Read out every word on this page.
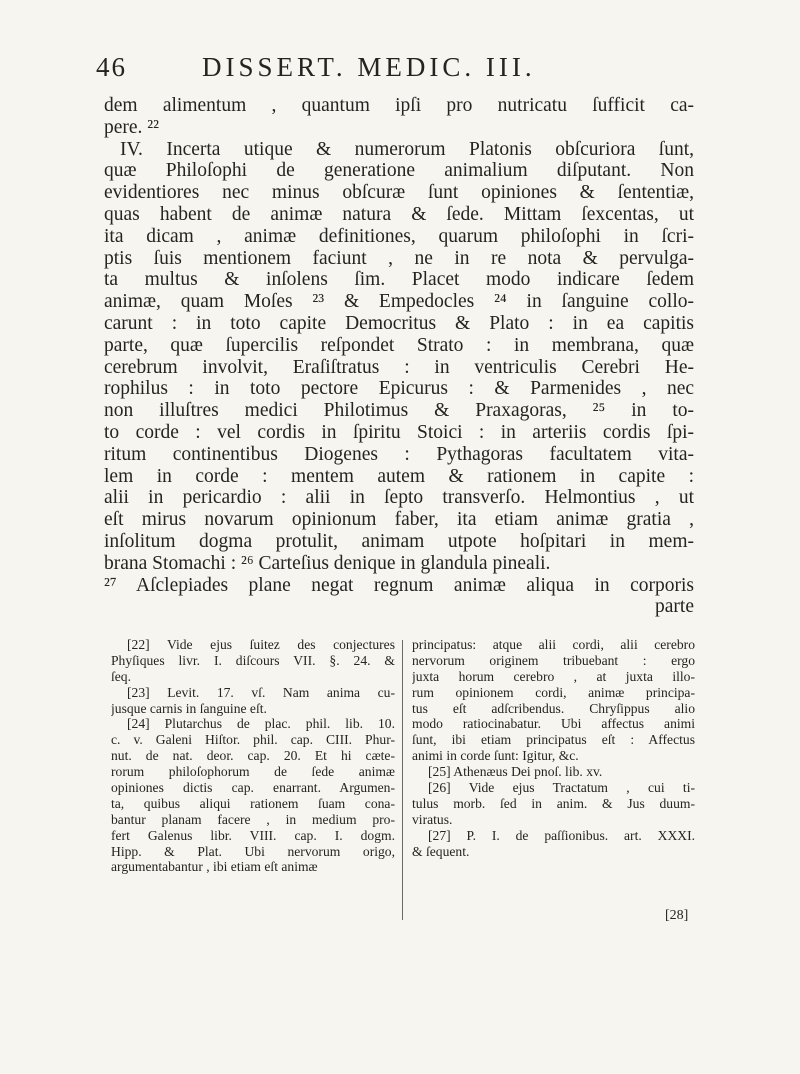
46	DISSERT. MEDIC. III.
dem alimentum , quantum ipſi pro nutricatu ſufficit ca-
pere. ²²
IV. Incerta utique & numerorum Platonis obſcuriora ſunt,
quæ Philoſophi de generatione animalium diſputant. Non
evidentiores nec minus obſcuræ ſunt opiniones & ſententiæ,
quas habent de animæ natura & ſede. Mittam ſexcentas, ut
ita dicam , animæ definitiones, quarum philoſophi in ſcri-
ptis ſuis mentionem faciunt , ne in re nota & pervulga-
ta multus & inſolens ſim. Placet modo indicare ſedem
animæ, quam Moſes ²³ & Empedocles ²⁴ in ſanguine collo-
carunt : in toto capite Democritus & Plato : in ea capitis
parte, quæ ſupercilis reſpondet Strato : in membrana, quæ
cerebrum involvit, Eraſiſtratus : in ventriculis Cerebri He-
rophilus : in toto pectore Epicurus : & Parmenides , nec
non illuſtres medici Philotimus & Praxagoras, ²⁵ in to-
to corde : vel cordis in ſpiritu Stoici : in arteriis cordis ſpi-
ritum continentibus Diogenes : Pythagoras facultatem vita-
lem in corde : mentem autem & rationem in capite :
alii in pericardio : alii in ſepto transverſo. Helmontius , ut
eſt mirus novarum opinionum faber, ita etiam animæ gratia ,
inſolitum dogma protulit, animam utpote hoſpitari in mem-
brana Stomachi : ²⁶ Carteſius denique in glandula pineali.
²⁷ Aſclepiades plane negat regnum animæ aliqua in corporis
parte
[22] Vide ejus ſuitez des conjectures
Phyſiques livr. I. diſcours VII. §. 24. &
ſeq.
[23] Levit. 17. vſ. Nam anima cu-
jusque carnis in ſanguine eſt.
[24] Plutarchus de plac. phil. lib. 10.
c. v. Galeni Hiſtor. phil. cap. CIII. Phur-
nut. de nat. deor. cap. 20. Et hi cæte-
rorum philoſophorum de ſede animæ
opiniones dictis cap. enarrant. Argumen-
ta, quibus aliqui rationem ſuam cona-
bantur planam facere , in medium pro-
fert Galenus libr. VIII. cap. I. dogm.
Hipp. & Plat. Ubi nervorum origo,
argumentabantur , ibi etiam eſt animæ
principatus: atque alii cordi, alii cerebro
nervorum originem tribuebant : ergo
juxta horum cerebro , at juxta illo-
rum opinionem cordi, animæ principa-
tus eſt adſcribendus. Chryſippus alio
modo ratiocinabatur. Ubi affectus animi
ſunt, ibi etiam principatus eſt : Affectus
animi in corde ſunt: Igitur, &c.
[25] Athenæus Dei pnoſ. lib. xv.
[26] Vide ejus Tractatum , cui ti-
tulus morb. ſed in anim. & Jus duum-
viratus.
[27] P. I. de paſſionibus. art. XXXI.
& ſequent.
[28]
